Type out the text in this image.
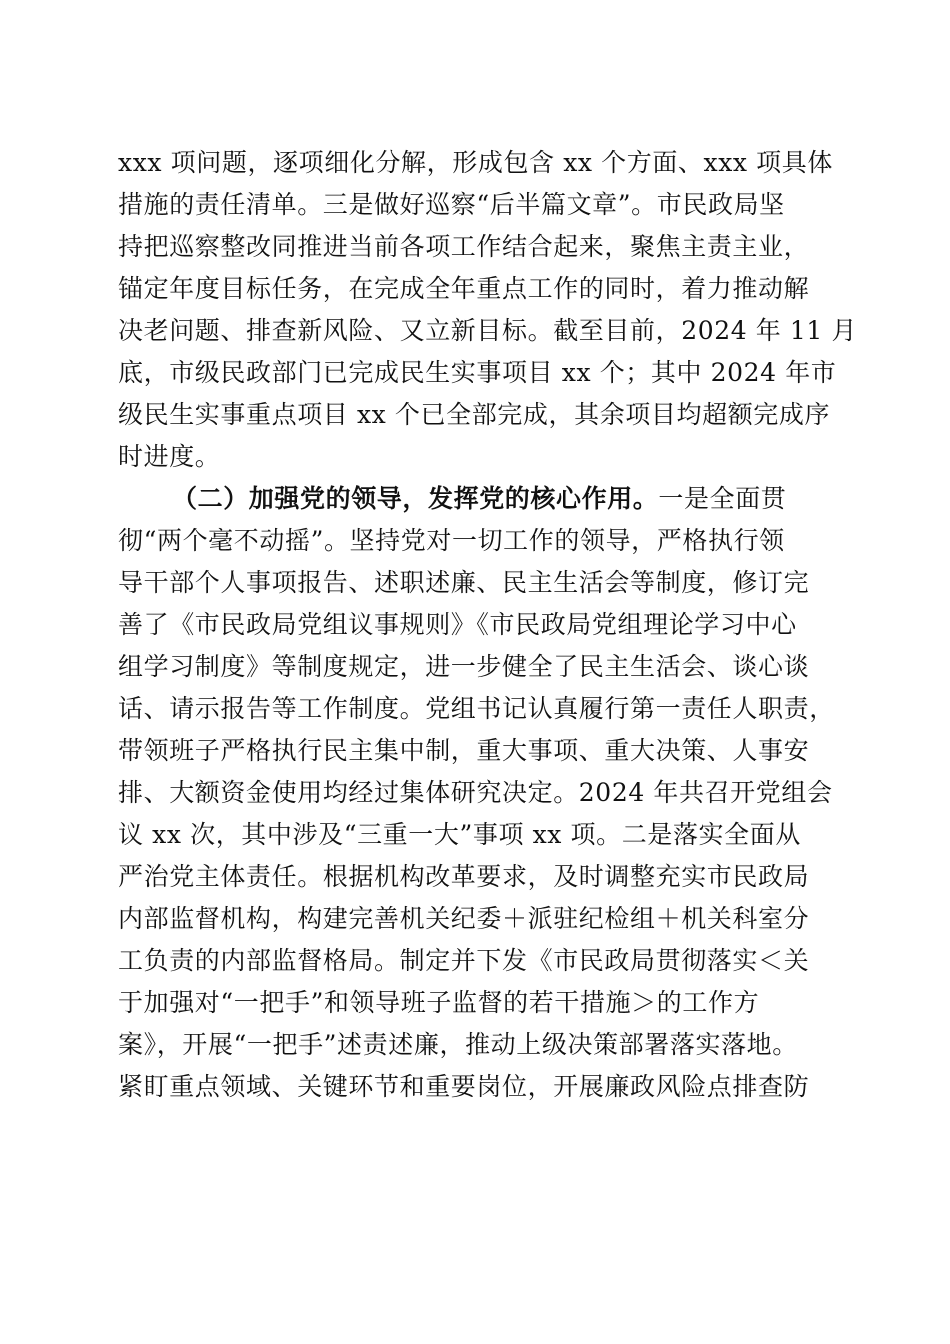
xxx 项问题，逐项细化分解，形成包含 xx 个方面、xxx 项具体
措施的责任清单。三是做好巡察“后半篇文章”。市民政局坚
持把巡察整改同推进当前各项工作结合起来，聚焦主责主业，
锚定年度目标任务，在完成全年重点工作的同时，着力推动解
决老问题、排查新风险、又立新目标。截至目前，2024 年 11 月
底，市级民政部门已完成民生实事项目 xx 个；其中 2024 年市
级民生实事重点项目 xx 个已全部完成，其余项目均超额完成序
时进度。
（二）加强党的领导，发挥党的核心作用。一是全面贯
彻“两个毫不动摇”。坚持党对一切工作的领导，严格执行领
导干部个人事项报告、述职述廉、民主生活会等制度，修订完
善了《市民政局党组议事规则》《市民政局党组理论学习中心
组学习制度》等制度规定，进一步健全了民主生活会、谈心谈
话、请示报告等工作制度。党组书记认真履行第一责任人职责，
带领班子严格执行民主集中制，重大事项、重大决策、人事安
排、大额资金使用均经过集体研究决定。2024 年共召开党组会
议 xx 次，其中涉及“三重一大”事项 xx 项。二是落实全面从
严治党主体责任。根据机构改革要求，及时调整充实市民政局
内部监督机构，构建完善机关纪委＋派驻纪检组＋机关科室分
工负责的内部监督格局。制定并下发《市民政局贯彻落实＜关
于加强对“一把手”和领导班子监督的若干措施＞的工作方
案》，开展“一把手”述责述廉，推动上级决策部署落实落地。
紧盯重点领域、关键环节和重要岗位，开展廉政风险点排查防
